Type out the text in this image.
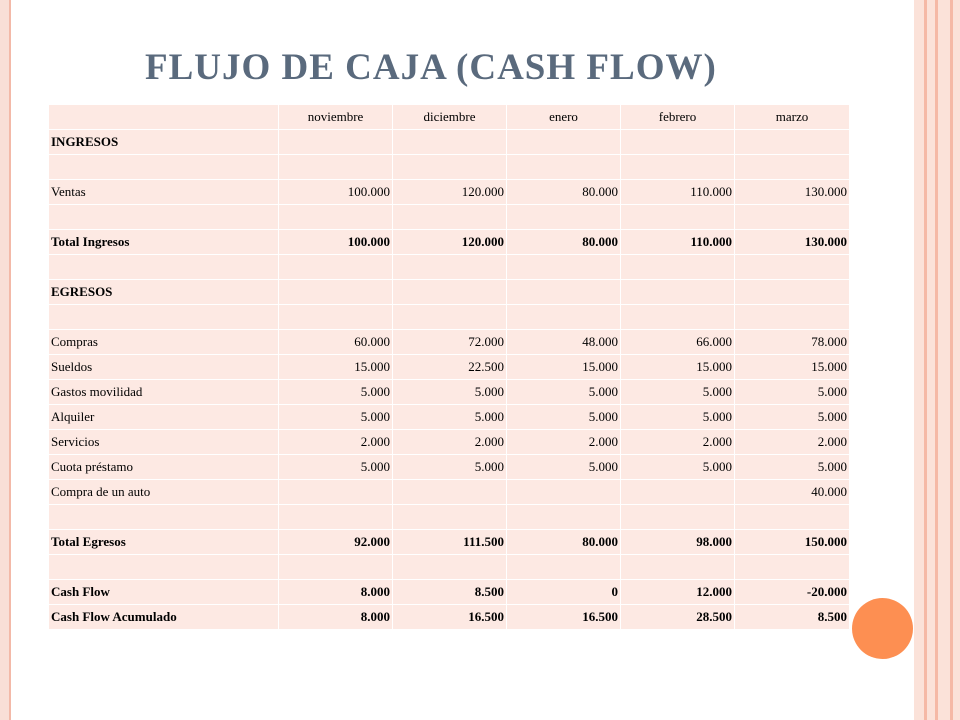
FLUJO DE CAJA (CASH FLOW)
	noviembre	diciembre	enero	febrero	marzo
INGRESOS					

Ventas	100.000	120.000	80.000	110.000	130.000

Total Ingresos	100.000	120.000	80.000	110.000	130.000

EGRESOS					

Compras	60.000	72.000	48.000	66.000	78.000
Sueldos	15.000	22.500	15.000	15.000	15.000
Gastos movilidad	5.000	5.000	5.000	5.000	5.000
Alquiler	5.000	5.000	5.000	5.000	5.000
Servicios	2.000	2.000	2.000	2.000	2.000
Cuota préstamo	5.000	5.000	5.000	5.000	5.000
Compra de un auto					40.000

Total Egresos	92.000	111.500	80.000	98.000	150.000

Cash Flow	8.000	8.500	0	12.000	-20.000
Cash Flow Acumulado	8.000	16.500	16.500	28.500	8.500
